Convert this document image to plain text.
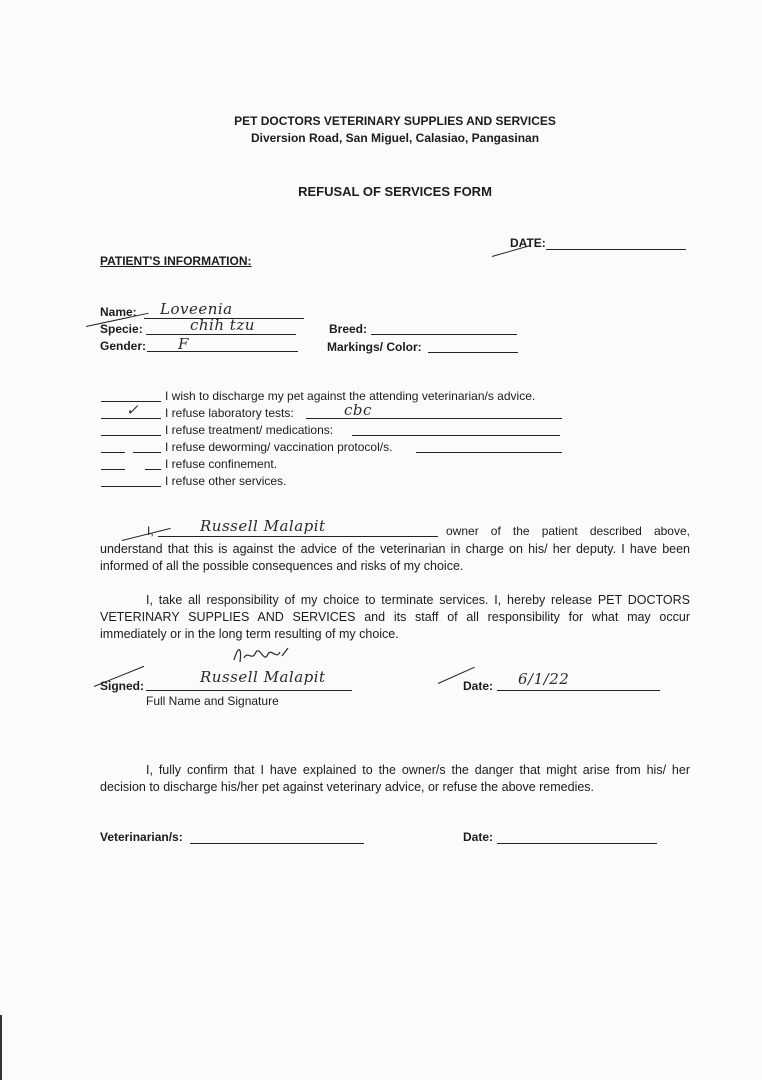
PET DOCTORS VETERINARY SUPPLIES AND SERVICES
Diversion Road, San Miguel, Calasiao, Pangasinan
REFUSAL OF SERVICES FORM
DATE:
PATIENT'S INFORMATION:
Name: Loveenia
Specie:	chih tzu
Gender: F
Breed:
Markings/ Color:
I wish to discharge my pet against the attending veterinarian/s advice.
✓ I refuse laboratory tests:	cbc
I refuse treatment/ medications:
I refuse deworming/ vaccination protocol/s.
I refuse confinement.
I refuse other services.
I,	Russell Malapit	owner of the patient described above,
understand that this is against the advice of the veterinarian in charge on his/ her deputy. I have been informed of all the possible consequences and risks of my choice.
I, take all responsibility of my choice to terminate services. I, hereby release PET DOCTORS VETERINARY SUPPLIES AND SERVICES and its staff of all responsibility for what may occur immediately or in the long term resulting of my choice.
Signed:	Russell Malapit
Full Name and Signature
Date: 6/1/22
I, fully confirm that I have explained to the owner/s the danger that might arise from his/ her decision to discharge his/her pet against veterinary advice, or refuse the above remedies.
Veterinarian/s:	Date:
